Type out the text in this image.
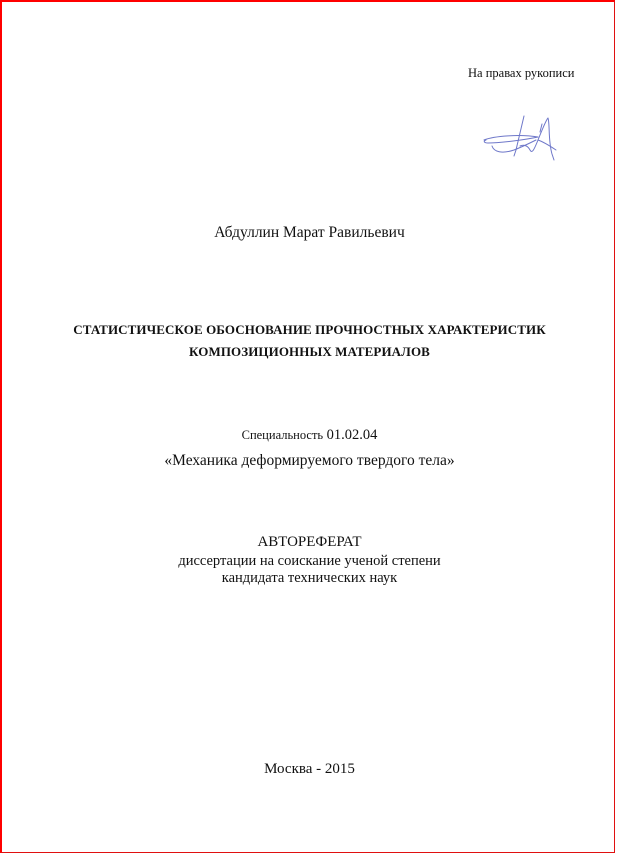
На правах рукописи
Абдуллин Марат Равильевич
СТАТИСТИЧЕСКОЕ ОБОСНОВАНИЕ ПРОЧНОСТНЫХ ХАРАКТЕРИСТИК
КОМПОЗИЦИОННЫХ МАТЕРИАЛОВ
Специальность 01.02.04
«Механика деформируемого твердого тела»
АВТОРЕФЕРАТ
диссертации на соискание ученой степени
кандидата технических наук
Москва - 2015
